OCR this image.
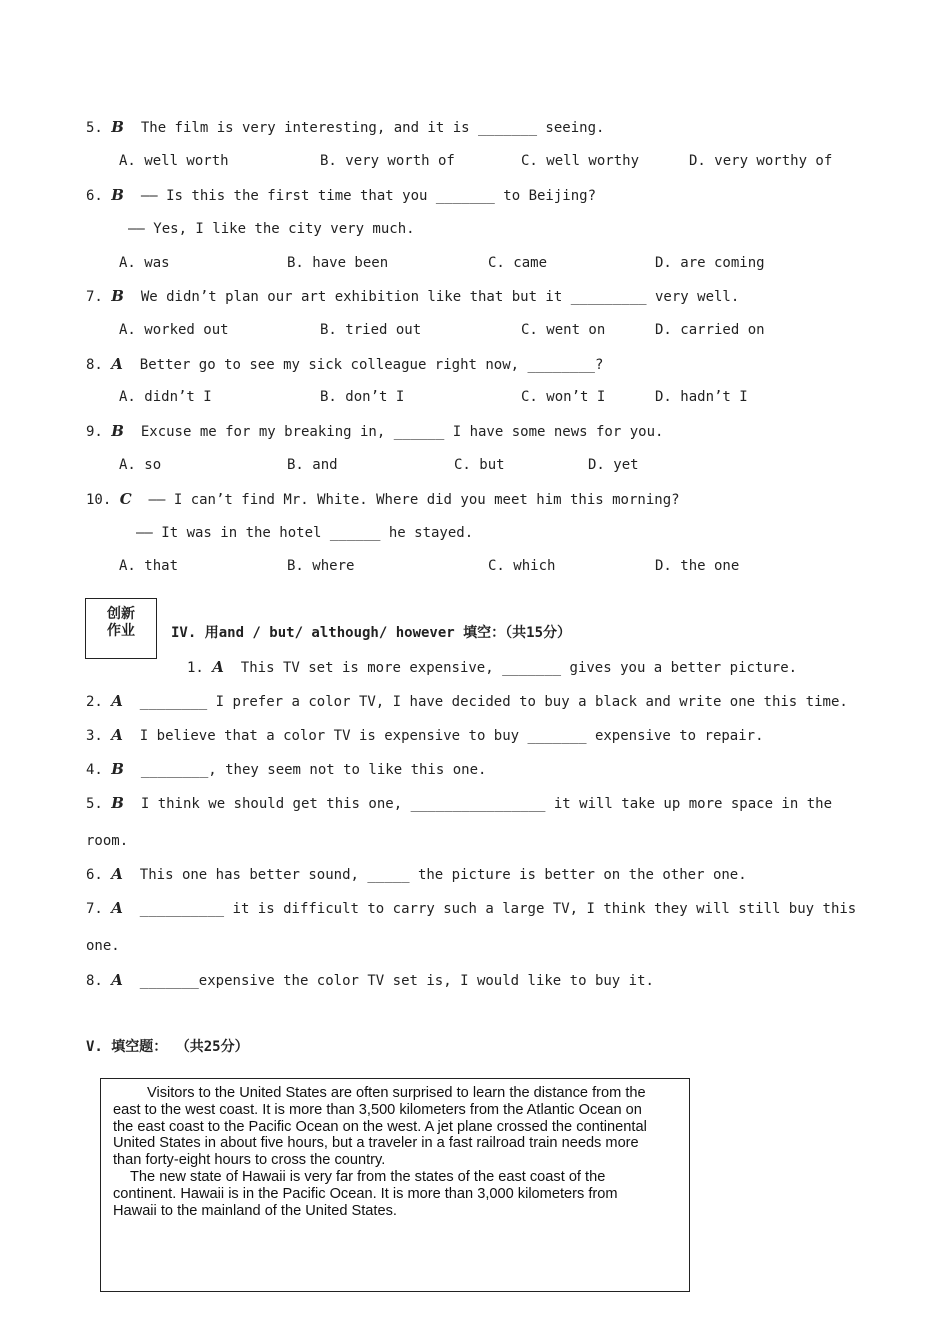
5. B The film is very interesting, and it is _______ seeing.
A. well worth	B. very worth of	C. well worthy	D. very worthy of
6. B —— Is this the first time that you _______ to Beijing?
—— Yes, I like the city very much.
A. was	B. have been	C. came	D. are coming
7. B We didn’t plan our art exhibition like that but it _________ very well.
A. worked out	B. tried out	C. went on	D. carried on
8. A Better go to see my sick colleague right now, ________?
A. didn’t I	B. don’t I	C. won’t I	D. hadn’t I
9. B Excuse me for my breaking in, ______ I have some news for you.
A. so	B. and	C. but	D. yet
10. C —— I can’t find Mr. White. Where did you meet him this morning?
—— It was in the hotel ______ he stayed.
A. that	B. where	C. which	D. the one
创新
作业	IV. 用and / but/ although/ however 填空：（共15分）
1. A This TV set is more expensive, _______ gives you a better picture.
2. A ________ I prefer a color TV, I have decided to buy a black and write one this time.
3. A I believe that a color TV is expensive to buy _______ expensive to repair.
4. B ________, they seem not to like this one.
5. B I think we should get this one, ________________ it will take up more space in the
room.
6. A This one has better sound, _____ the picture is better on the other one.
7. A __________ it is difficult to carry such a large TV, I think they will still buy this
one.
8. A _______expensive the color TV set is, I would like to buy it.
V. 填空题： （共25分）

Visitors to the United States are often surprised to learn the distance from the east to the west coast. It is more than 3,500 kilometers from the Atlantic Ocean on the east coast to the Pacific Ocean on the west. A jet plane crossed the continental United States in about five hours, but a traveler in a fast railroad train needs more than forty-eight hours to cross the country.

The new state of Hawaii is very far from the states of the east coast of the continent. Hawaii is in the Pacific Ocean. It is more than 3,000 kilometers from Hawaii to the mainland of the United States.
